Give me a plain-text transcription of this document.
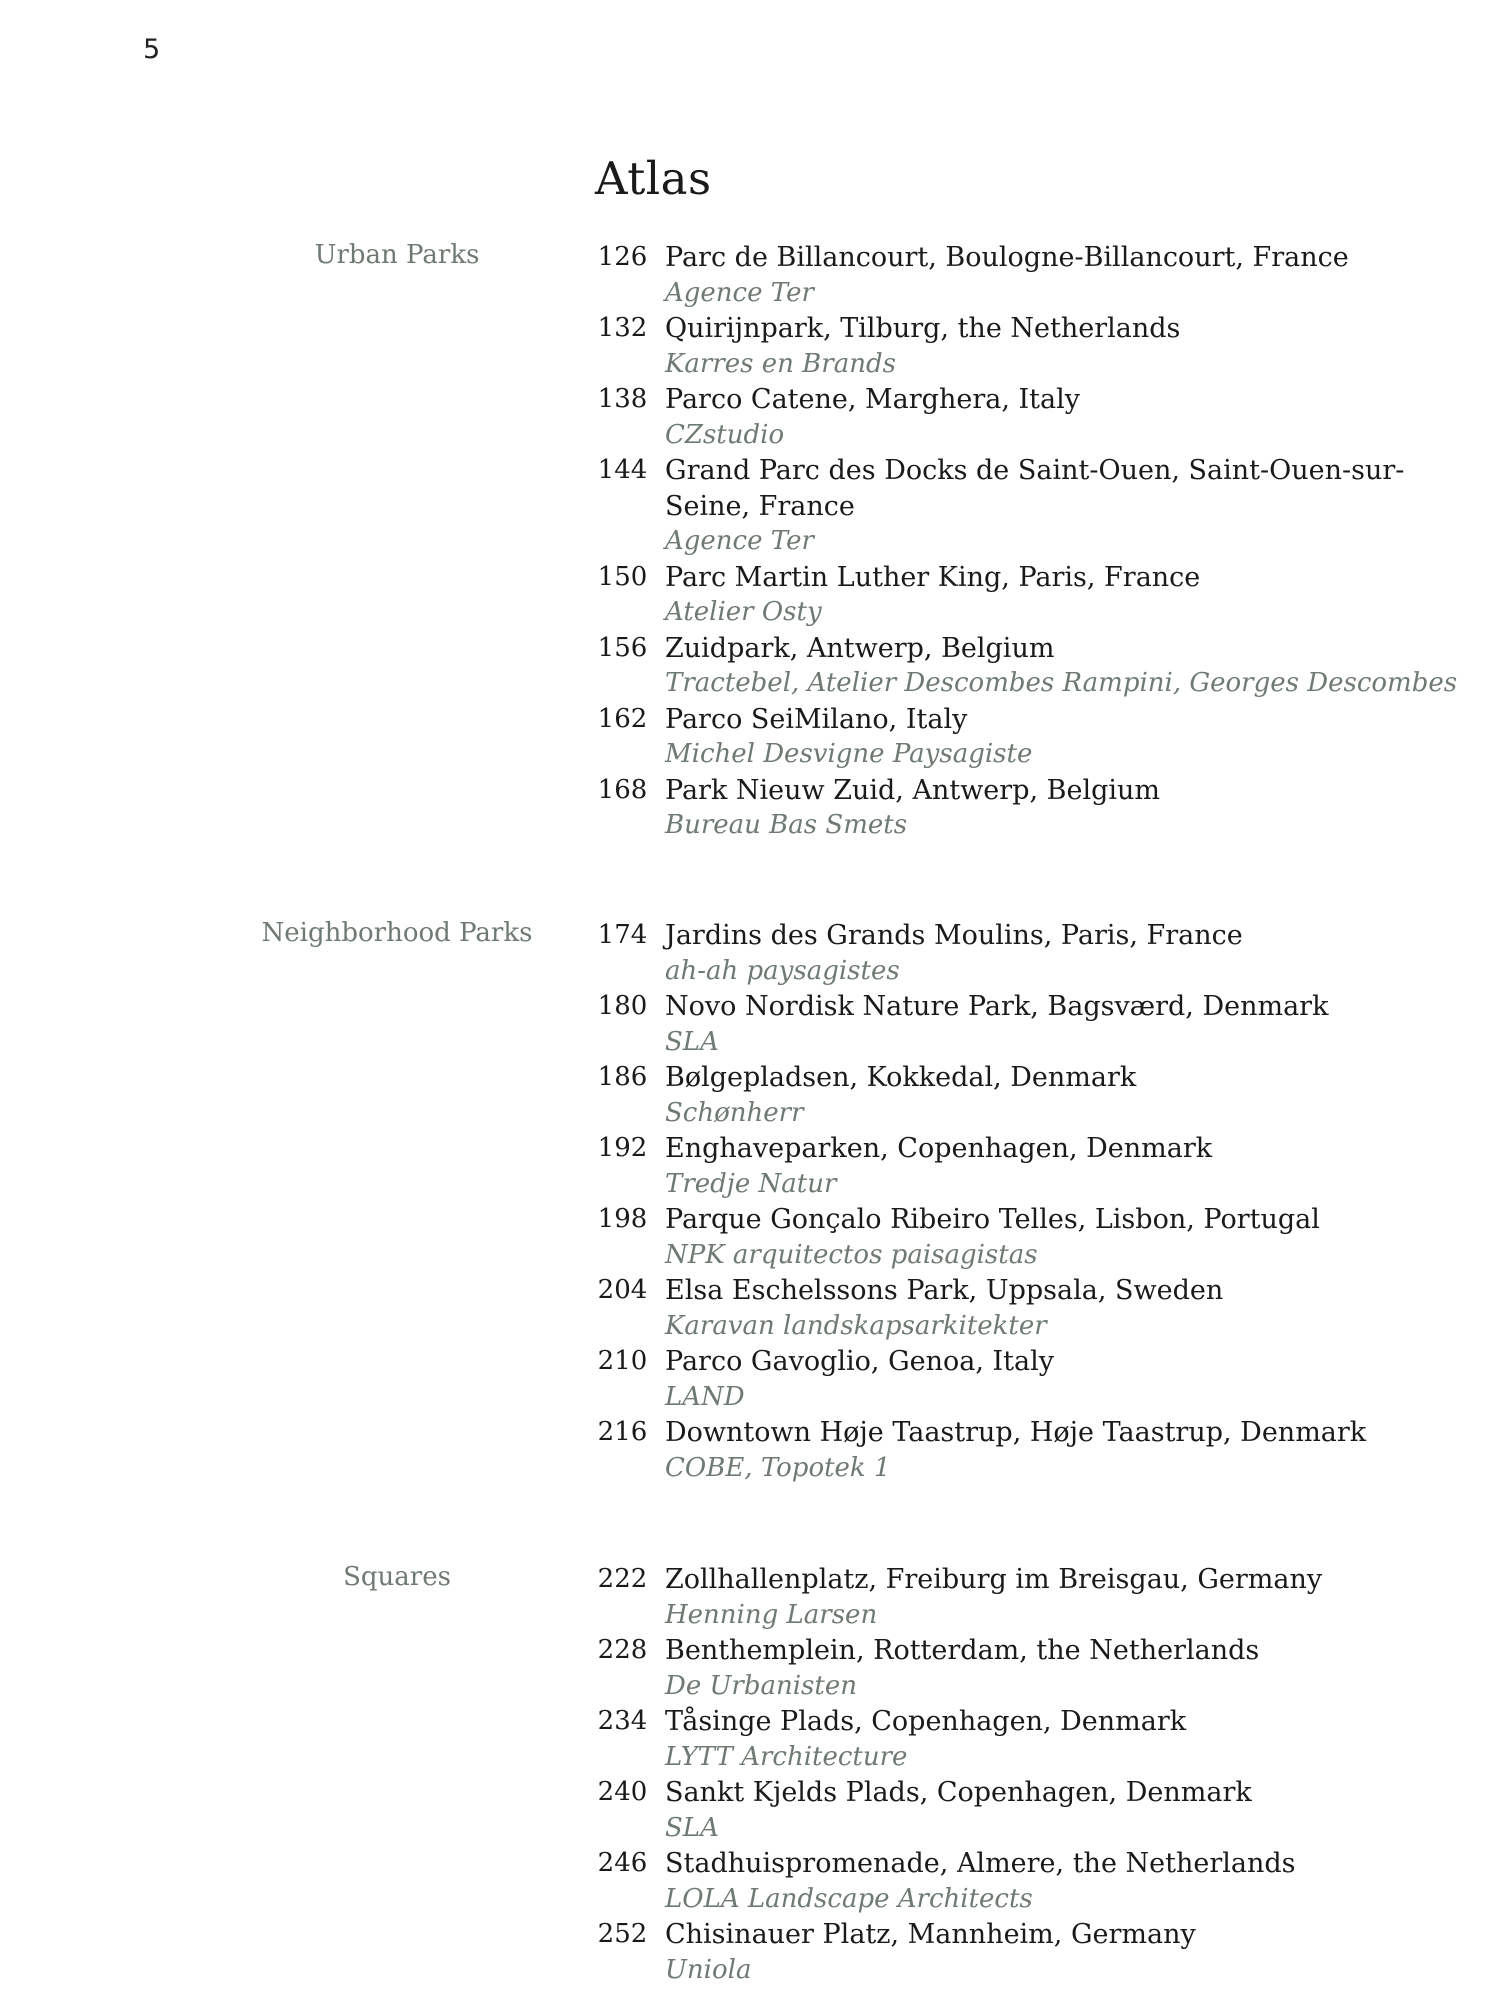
5
Atlas
Urban Parks	126 Parc de Billancourt, Boulogne-Billancourt, France
Agence Ter
132 Quirijnpark, Tilburg, the Netherlands
Karres en Brands
138 Parco Catene, Marghera, Italy
CZstudio
144 Grand Parc des Docks de Saint-Ouen, Saint-Ouen-sur-Seine, France
Agence Ter
150 Parc Martin Luther King, Paris, France
Atelier Osty
156 Zuidpark, Antwerp, Belgium
Tractebel, Atelier Descombes Rampini, Georges Descombes
162 Parco SeiMilano, Italy
Michel Desvigne Paysagiste
168 Park Nieuw Zuid, Antwerp, Belgium
Bureau Bas Smets
Neighborhood Parks	174 Jardins des Grands Moulins, Paris, France
ah-ah paysagistes
180 Novo Nordisk Nature Park, Bagsværd, Denmark
SLA
186 Bølgepladsen, Kokkedal, Denmark
Schønherr
192 Enghaveparken, Copenhagen, Denmark
Tredje Natur
198 Parque Gonçalo Ribeiro Telles, Lisbon, Portugal
NPK arquitectos paisagistas
204 Elsa Eschelssons Park, Uppsala, Sweden
Karavan landskapsarkitekter
210 Parco Gavoglio, Genoa, Italy
LAND
216 Downtown Høje Taastrup, Høje Taastrup, Denmark
COBE, Topotek 1
Squares	222 Zollhallenplatz, Freiburg im Breisgau, Germany
Henning Larsen
228 Benthemplein, Rotterdam, the Netherlands
De Urbanisten
234 Tåsinge Plads, Copenhagen, Denmark
LYTT Architecture
240 Sankt Kjelds Plads, Copenhagen, Denmark
SLA
246 Stadhuispromenade, Almere, the Netherlands
LOLA Landscape Architects
252 Chisinauer Platz, Mannheim, Germany
Uniola
